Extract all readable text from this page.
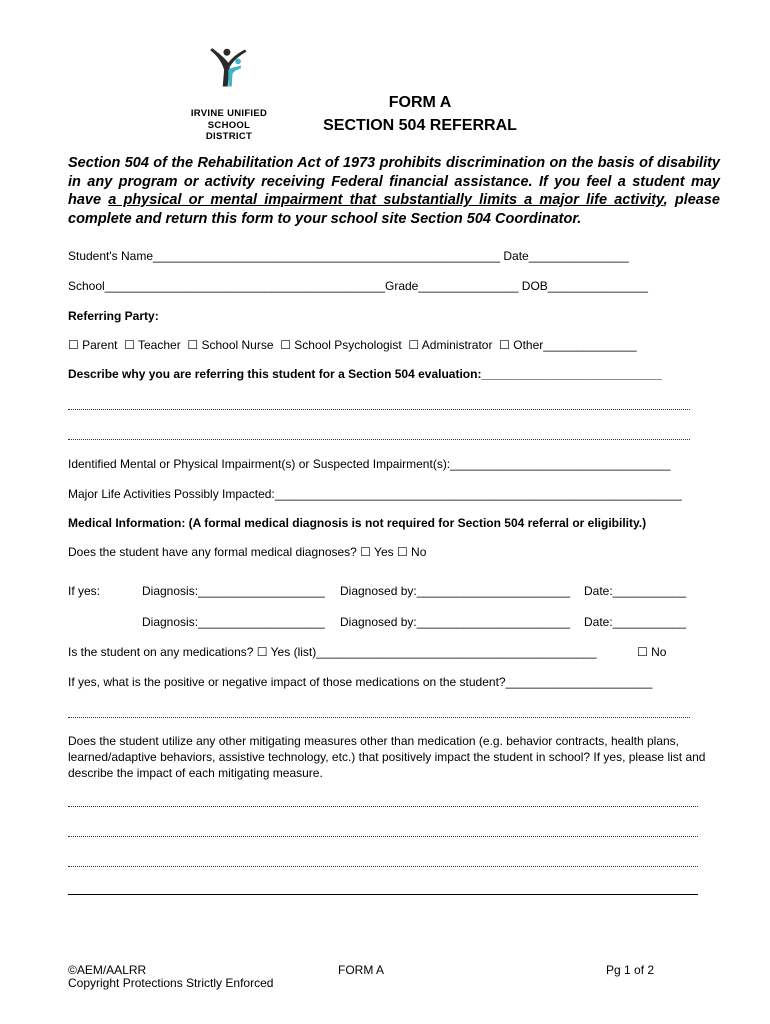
IRVINE UNIFIED
SCHOOL DISTRICT
FORM A
SECTION 504 REFERRAL
Section 504 of the Rehabilitation Act of 1973 prohibits discrimination on the basis of disability in any program or activity receiving Federal financial assistance. If you feel a student may have a physical or mental impairment that substantially limits a major life activity, please complete and return this form to your school site Section 504 Coordinator.
Student's Name____________________________________________________ Date_______________
School__________________________________________Grade_______________ DOB_______________
Referring Party:
☐ Parent ☐ Teacher ☐ School Nurse ☐ School Psychologist ☐ Administrator ☐ Other______________
Describe why you are referring this student for a Section 504 evaluation:___________________________
Identified Mental or Physical Impairment(s) or Suspected Impairment(s):_________________________________
Major Life Activities Possibly Impacted:_____________________________________________________________
Medical Information: (A formal medical diagnosis is not required for Section 504 referral or eligibility.)
Does the student have any formal medical diagnoses? ☐ Yes ☐ No
If yes:	Diagnosis:___________________ Diagnosed by:_______________________ Date:___________
Diagnosis:___________________ Diagnosed by:_______________________ Date:___________
Is the student on any medications? ☐ Yes (list)__________________________________________	☐ No
If yes, what is the positive or negative impact of those medications on the student?______________________
Does the student utilize any other mitigating measures other than medication (e.g. behavior contracts, health plans, learned/adaptive behaviors, assistive technology, etc.) that positively impact the student in school? If yes, please list and describe the impact of each mitigating measure.
©AEM/AALRR
Copyright Protections Strictly Enforced
FORM A	Pg 1 of 2
